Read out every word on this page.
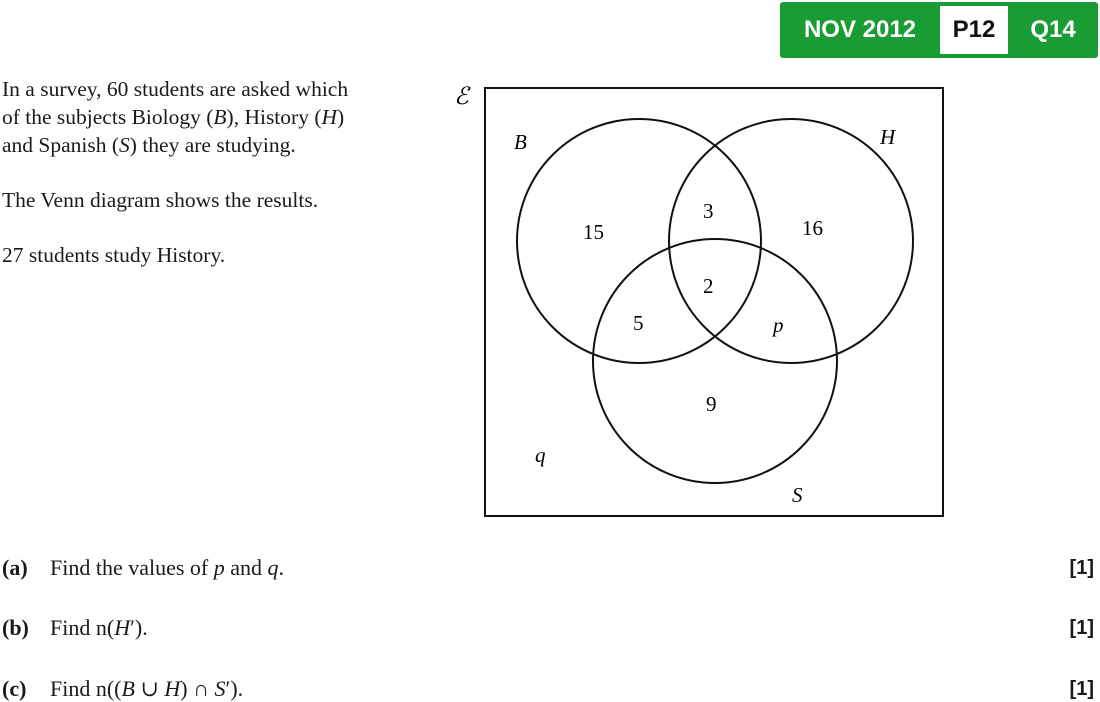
NOV 2012	P12	Q14

In a survey, 60 students are asked which of the subjects Biology (B), History (H) and Spanish (S) they are studying.

The Venn diagram shows the results.

27 students study History.

ℰ
B	H
S
15
3
16
5
2
p
9
q
(a) Find the values of p and q.	[1]
(b) Find n(H′).	[1]
(c) Find n((B ∪ H) ∩ S′).	[1]
